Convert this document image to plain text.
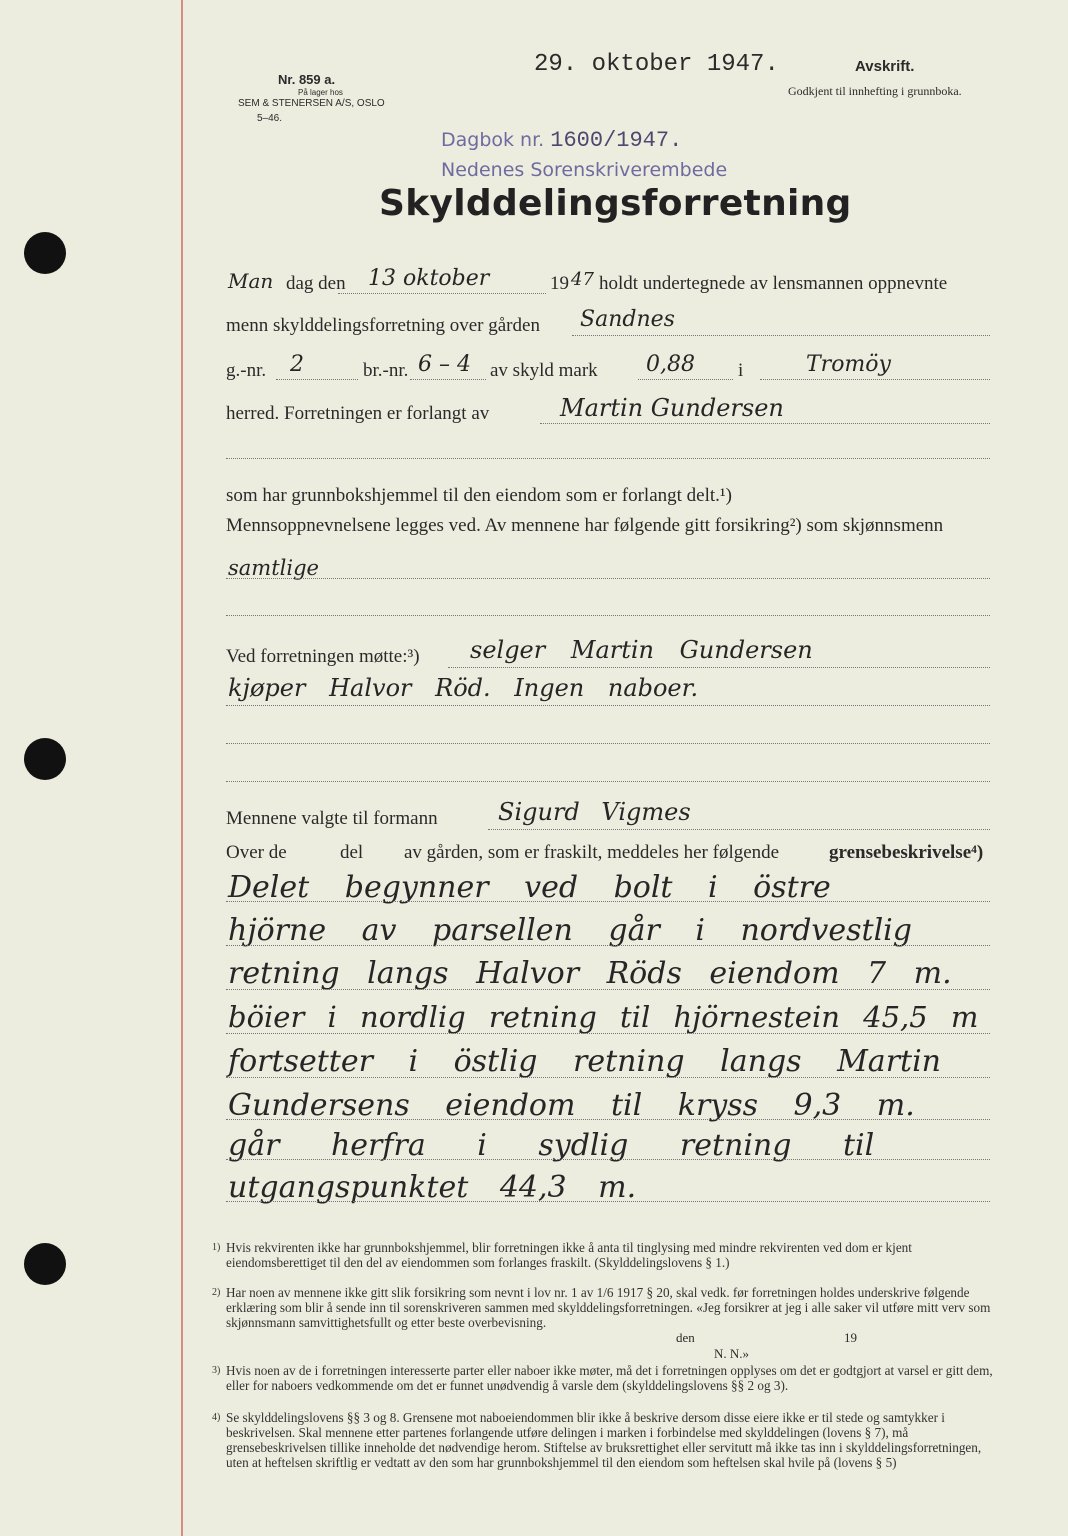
Nr. 859 a.
På lager hos
SEM & STENERSEN A/S, OSLO
5–46.
29. oktober 1947.	Avskrift.
Godkjent til innhefting i grunnboka.
Dagbok nr. 1600/1947.
Nedenes Sorenskriverembede
Skylddelingsforretning
Man dag den 13 oktober	19 47 holdt undertegnede av lensmannen oppnevnte
menn skylddelingsforretning over gården Sandnes
g.-nr. 2	br.-nr. 6 – 4 av skyld mark 0,88 i	Tromöy
herred. Forretningen er forlangt av	Martin Gundersen
som har grunnbokshjemmel til den eiendom som er forlangt delt.¹)
Mennsoppnevnelsene legges ved. Av mennene har følgende gitt forsikring²) som skjønnsmenn
samtlige
Ved forretningen møtte:³) selger Martin Gundersen
kjøper Halvor Röd. Ingen naboer.
Mennene valgte til formann	Sigurd Vigmes
Over de	del av gården, som er fraskilt, meddeles her følgende	grensebeskrivelse⁴)
Delet begynner ved bolt i östre
hjörne av parsellen går i nordvestlig
retning langs Halvor Röds eiendom 7 m.
böier i nordlig retning til hjörnestein 45,5 m
fortsetter i östlig retning langs Martin
Gundersens eiendom til kryss 9,3 m.
går herfra i sydlig retning til
utgangspunktet 44,3 m.
1) Hvis rekvirenten ikke har grunnbokshjemmel, blir forretningen ikke å anta til tinglysing med mindre rekvirenten ved dom er kjent eiendomsberettiget til den del av eiendommen som forlanges fraskilt. (Skylddelingslovens § 1.)
2) Har noen av mennene ikke gitt slik forsikring som nevnt i lov nr. 1 av 1/6 1917 § 20, skal vedk. før forretningen holdes underskrive følgende erklæring som blir å sende inn til sorenskriveren sammen med skylddelingsforretningen. «Jeg forsikrer at jeg i alle saker vil utføre mitt verv som skjønnsmann samvittighetsfullt og etter beste overbevisning.
den	19
N. N.»
3) Hvis noen av de i forretningen interesserte parter eller naboer ikke møter, må det i forretningen opplyses om det er godtgjort at varsel er gitt dem, eller for naboers vedkommende om det er funnet unødvendig å varsle dem (skylddelingslovens §§ 2 og 3).
4) Se skylddelingslovens §§ 3 og 8. Grensene mot naboeiendommen blir ikke å beskrive dersom disse eiere ikke er til stede og samtykker i beskrivelsen. Skal mennene etter partenes forlangende utføre delingen i marken i forbindelse med skylddelingen (lovens § 7), må grensebeskrivelsen tillike inneholde det nødvendige herom. Stiftelse av bruksrettighet eller servitutt må ikke tas inn i skylddelingsforretningen, uten at heftelsen skriftlig er vedtatt av den som har grunnbokshjemmel til den eiendom som heftelsen skal hvile på (lovens § 5)
